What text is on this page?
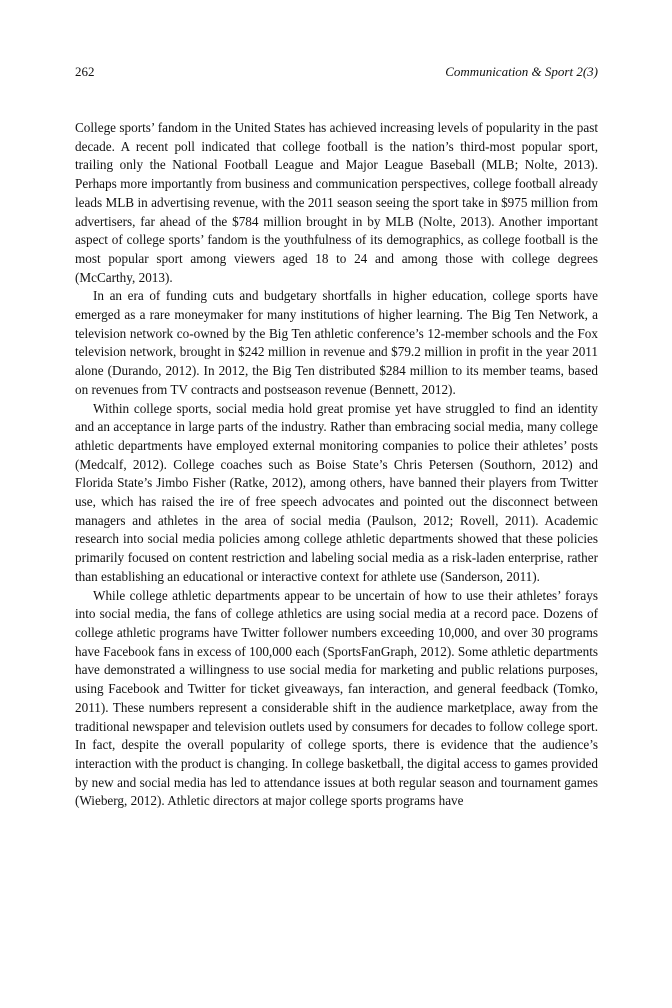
262	Communication & Sport 2(3)

College sports’ fandom in the United States has achieved increasing levels of popularity in the past decade. A recent poll indicated that college football is the nation’s third-most popular sport, trailing only the National Football League and Major League Baseball (MLB; Nolte, 2013). Perhaps more importantly from business and communication perspectives, college football already leads MLB in advertising revenue, with the 2011 season seeing the sport take in $975 million from advertisers, far ahead of the $784 million brought in by MLB (Nolte, 2013). Another important aspect of college sports’ fandom is the youthfulness of its demographics, as college football is the most popular sport among viewers aged 18 to 24 and among those with college degrees (McCarthy, 2013).

In an era of funding cuts and budgetary shortfalls in higher education, college sports have emerged as a rare moneymaker for many institutions of higher learning. The Big Ten Network, a television network co-owned by the Big Ten athletic conference’s 12-member schools and the Fox television network, brought in $242 million in revenue and $79.2 million in profit in the year 2011 alone (Durando, 2012). In 2012, the Big Ten distributed $284 million to its member teams, based on revenues from TV contracts and postseason revenue (Bennett, 2012).

Within college sports, social media hold great promise yet have struggled to find an identity and an acceptance in large parts of the industry. Rather than embracing social media, many college athletic departments have employed external monitoring companies to police their athletes’ posts (Medcalf, 2012). College coaches such as Boise State’s Chris Petersen (Southorn, 2012) and Florida State’s Jimbo Fisher (Ratke, 2012), among others, have banned their players from Twitter use, which has raised the ire of free speech advocates and pointed out the disconnect between managers and athletes in the area of social media (Paulson, 2012; Rovell, 2011). Academic research into social media policies among college athletic departments showed that these policies primarily focused on content restriction and labeling social media as a risk-laden enterprise, rather than establishing an educational or interactive context for athlete use (Sanderson, 2011).

While college athletic departments appear to be uncertain of how to use their athletes’ forays into social media, the fans of college athletics are using social media at a record pace. Dozens of college athletic programs have Twitter follower numbers exceeding 10,000, and over 30 programs have Facebook fans in excess of 100,000 each (SportsFanGraph, 2012). Some athletic departments have demonstrated a willingness to use social media for marketing and public relations purposes, using Facebook and Twitter for ticket giveaways, fan interaction, and general feedback (Tomko, 2011). These numbers represent a considerable shift in the audience marketplace, away from the traditional newspaper and television outlets used by consumers for decades to follow college sport. In fact, despite the overall popularity of college sports, there is evidence that the audience’s interaction with the product is changing. In college basketball, the digital access to games provided by new and social media has led to attendance issues at both regular season and tournament games (Wieberg, 2012). Athletic directors at major college sports programs have
